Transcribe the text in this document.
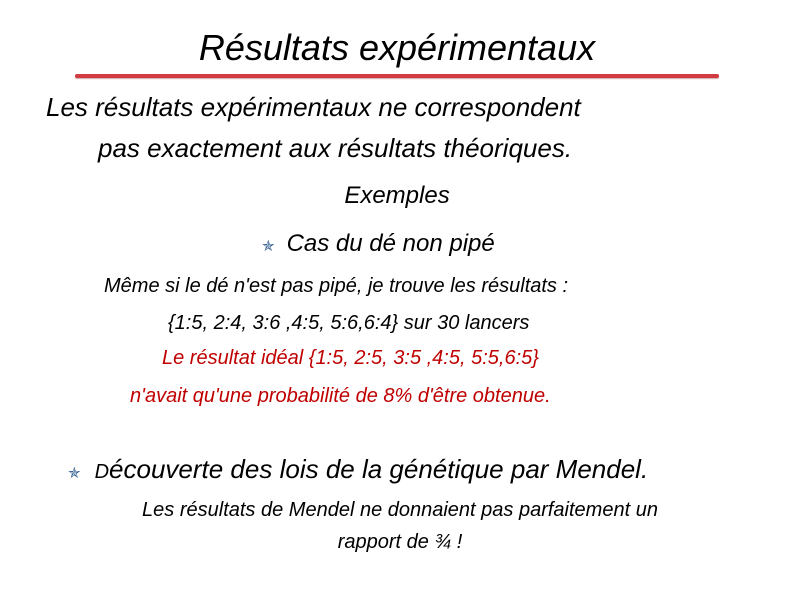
Résultats expérimentaux
Les résultats expérimentaux ne correspondent
pas exactement aux résultats théoriques.
Exemples
✯ Cas du dé non pipé
Même si le dé n'est pas pipé, je trouve les résultats :
{1:5, 2:4, 3:6 ,4:5, 5:6,6:4} sur 30 lancers
Le résultat idéal {1:5, 2:5, 3:5 ,4:5, 5:5,6:5}
n'avait qu'une probabilité de 8% d'être obtenue.
✯ Découverte des lois de la génétique par Mendel.
Les résultats de Mendel ne donnaient pas parfaitement un
rapport de ¾ !
